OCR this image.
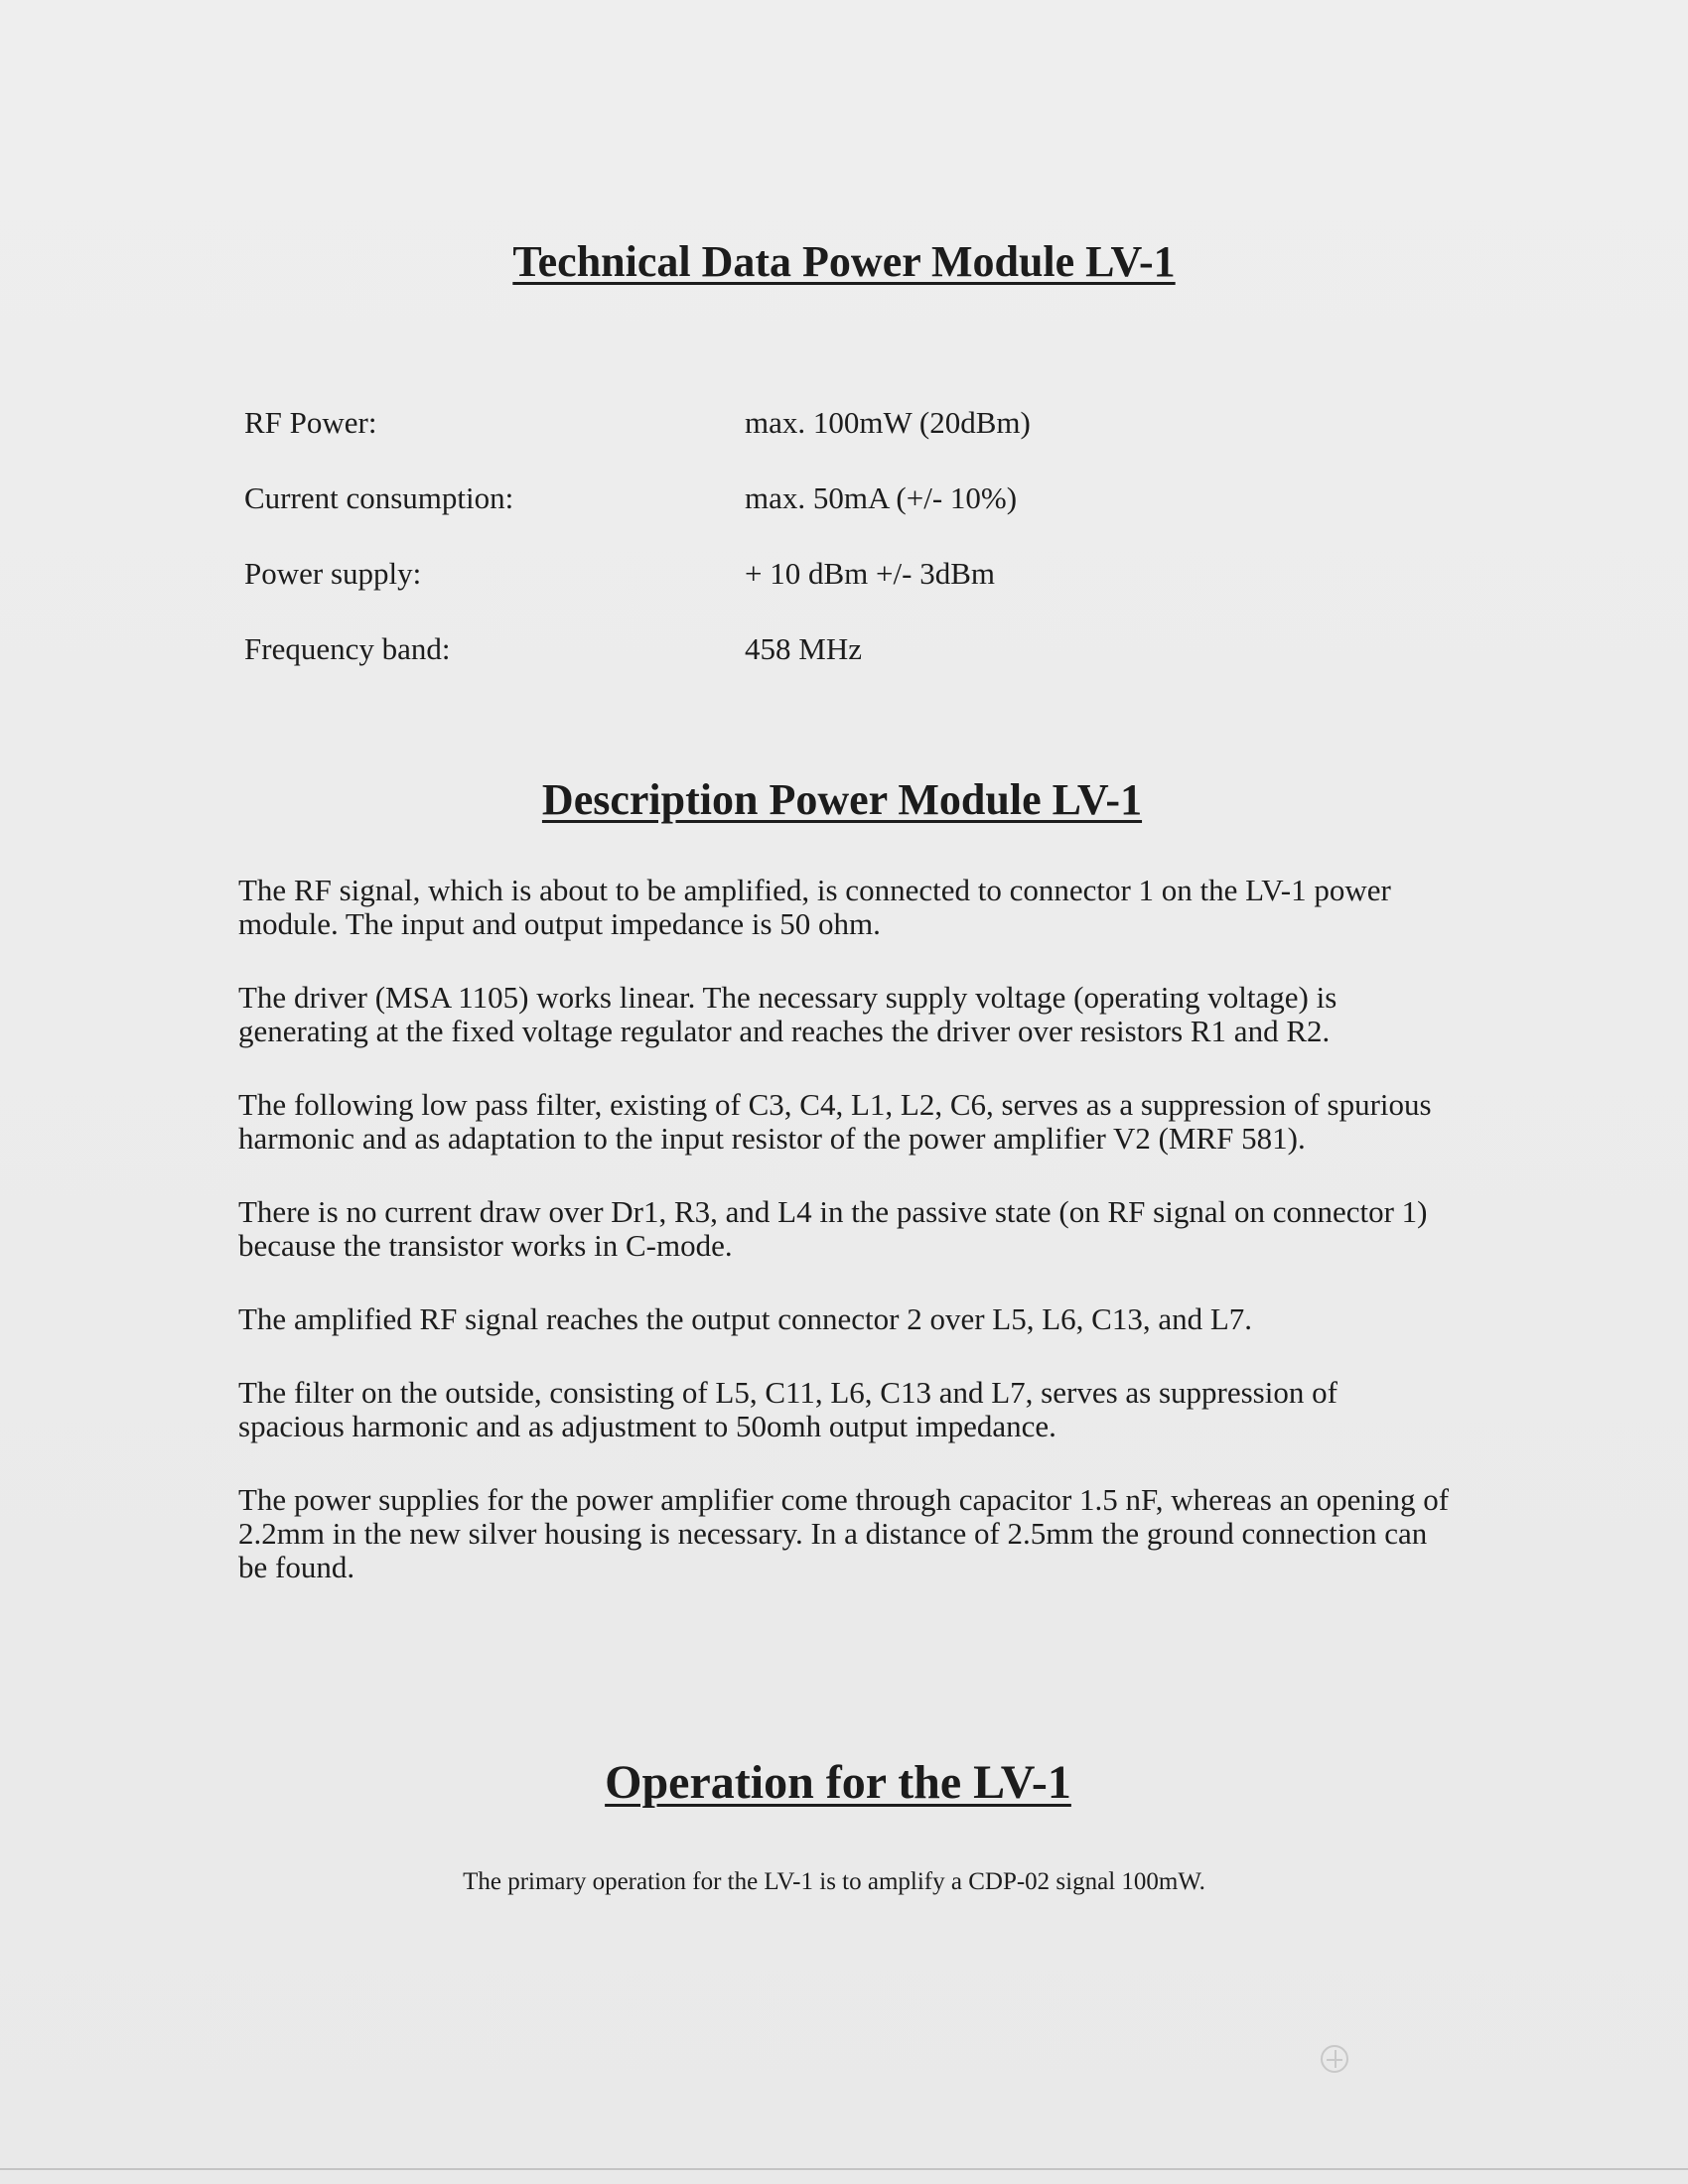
Technical Data Power Module LV-1
RF Power:	max. 100mW (20dBm)
Current consumption:	max. 50mA (+/- 10%)
Power supply:	+ 10 dBm +/- 3dBm
Frequency band:	458 MHz
Description Power Module LV-1

The RF signal, which is about to be amplified, is connected to connector 1 on the LV-1 power module. The input and output impedance is 50 ohm.

The driver (MSA 1105) works linear. The necessary supply voltage (operating voltage) is generating at the fixed voltage regulator and reaches the driver over resistors R1 and R2.

The following low pass filter, existing of C3, C4, L1, L2, C6, serves as a suppression of spurious harmonic and as adaptation to the input resistor of the power amplifier V2 (MRF 581).

There is no current draw over Dr1, R3, and L4 in the passive state (on RF signal on connector 1) because the transistor works in C-mode.

The amplified RF signal reaches the output connector 2 over L5, L6, C13, and L7.

The filter on the outside, consisting of L5, C11, L6, C13 and L7, serves as suppression of spacious harmonic and as adjustment to 50omh output impedance.

The power supplies for the power amplifier come through capacitor 1.5 nF, whereas an opening of 2.2mm in the new silver housing is necessary. In a distance of 2.5mm the ground connection can be found.

Operation for the LV-1
The primary operation for the LV-1 is to amplify a CDP-02 signal 100mW.
